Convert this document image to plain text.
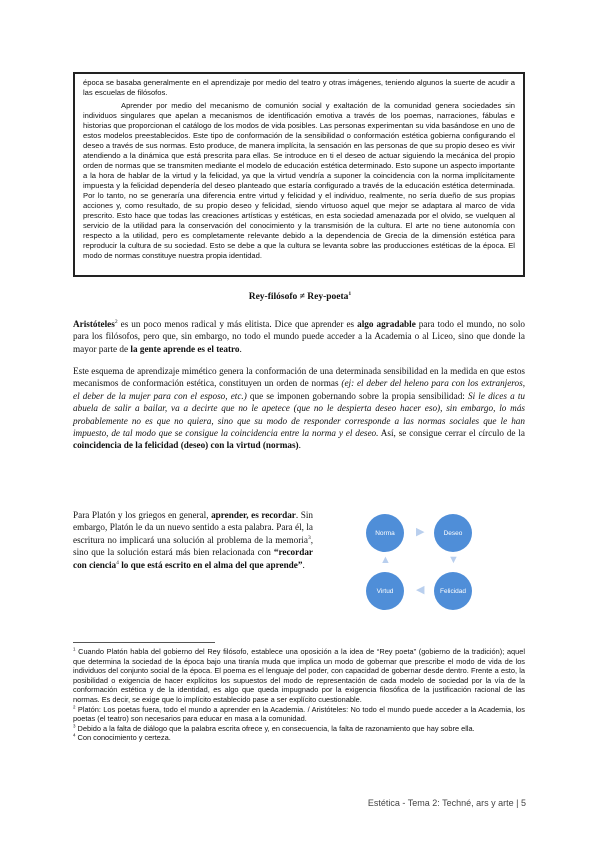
época se basaba generalmente en el aprendizaje por medio del teatro y otras imágenes, teniendo algunos la suerte de acudir a las escuelas de filósofos.

Aprender por medio del mecanismo de comunión social y exaltación de la comunidad genera sociedades sin individuos singulares que apelan a mecanismos de identificación emotiva a través de los poemas, narraciones, fábulas e historias que proporcionan el catálogo de los modos de vida posibles. Las personas experimentan su vida basándose en uno de estos modelos preestablecidos. Este tipo de conformación de la sensibilidad o conformación estética gobierna configurando el deseo a través de sus normas. Esto produce, de manera implícita, la sensación en las personas de que su propio deseo es vivir atendiendo a la dinámica que está prescrita para ellas. Se introduce en ti el deseo de actuar siguiendo la mecánica del propio orden de normas que se transmiten mediante el modelo de educación estética determinado. Esto supone un aspecto importante a la hora de hablar de la virtud y la felicidad, ya que la virtud vendría a suponer la coincidencia con la norma implícitamente impuesta y la felicidad dependería del deseo planteado que estaría configurado a través de la educación estética determinada. Por lo tanto, no se generaría una diferencia entre virtud y felicidad y el individuo, realmente, no sería dueño de sus propias acciones y, como resultado, de su propio deseo y felicidad, siendo virtuoso aquel que mejor se adaptara al marco de vida prescrito. Esto hace que todas las creaciones artísticas y estéticas, en esta sociedad amenazada por el olvido, se vuelquen al servicio de la utilidad para la conservación del conocimiento y la transmisión de la cultura. El arte no tiene autonomía con respecto a la utilidad, pero es completamente relevante debido a la dependencia de Grecia de la dimensión estética para reproducir la cultura de su sociedad. Esto se debe a que la cultura se levanta sobre las producciones estéticas de la época. El modo de normas constituye nuestra propia identidad.

Rey-filósofo ≠ Rey-poeta$^1$

Aristóteles$^2$ es un poco menos radical y más elitista. Dice que aprender es algo agradable para todo el mundo, no solo para los filósofos, pero que, sin embargo, no todo el mundo puede acceder a la Academia o al Liceo, sino que donde la mayor parte de la gente aprende es el teatro.

Este esquema de aprendizaje mimético genera la conformación de una determinada sensibilidad en la medida en que estos mecanismos de conformación estética, constituyen un orden de normas (ej: el deber del heleno para con los extranjeros, el deber de la mujer para con el esposo, etc.) que se imponen gobernando sobre la propia sensibilidad: Si le dices a tu abuela de salir a bailar, va a decirte que no le apetece (que no le despierta deseo hacer eso), sin embargo, lo más probablemente no es que no quiera, sino que su modo de responder corresponde a las normas sociales que le han impuesto, de tal modo que se consigue la coincidencia entre la norma y el deseo. Así, se consigue cerrar el círculo de la coincidencia de la felicidad (deseo) con la virtud (normas).

Para Platón y los griegos en general, aprender, es recordar. Sin embargo, Platón le da un nuevo sentido a esta palabra. Para él, la escritura no implicará una solución al problema de la memoria$^3$, sino que la solución estará más bien relacionada con “recordar con ciencia$^4$ lo que está escrito en el alma del que aprende”.

Norma	Deseo
Felicidad
Virtud
▶
▼
◀
▲

$^1$ Cuando Platón habla del gobierno del Rey filósofo, establece una oposición a la idea de “Rey poeta” (gobierno de la tradición); aquel que determina la sociedad de la época bajo una tiranía muda que implica un modo de gobernar que prescribe el modo de vida de los individuos del conjunto social de la época. El poema es el lenguaje del poder, con capacidad de gobernar desde dentro. Frente a esto, la posibilidad o exigencia de hacer explícitos los supuestos del modo de representación de cada modelo de sociedad por la vía de la conformación estética y de la identidad, es algo que queda impugnado por la exigencia filosófica de la justificación racional de las normas. Es decir, se exige que lo implícito establecido pase a ser explícito cuestionable.

$^2$ Platón: Los poetas fuera, todo el mundo a aprender en la Academia. / Aristóteles: No todo el mundo puede acceder a la Academia, los poetas (el teatro) son necesarios para educar en masa a la comunidad.

$^3$ Debido a la falta de diálogo que la palabra escrita ofrece y, en consecuencia, la falta de razonamiento que hay sobre ella.

$^4$ Con conocimiento y certeza.

Estética - Tema 2: Techné, ars y arte | 5
